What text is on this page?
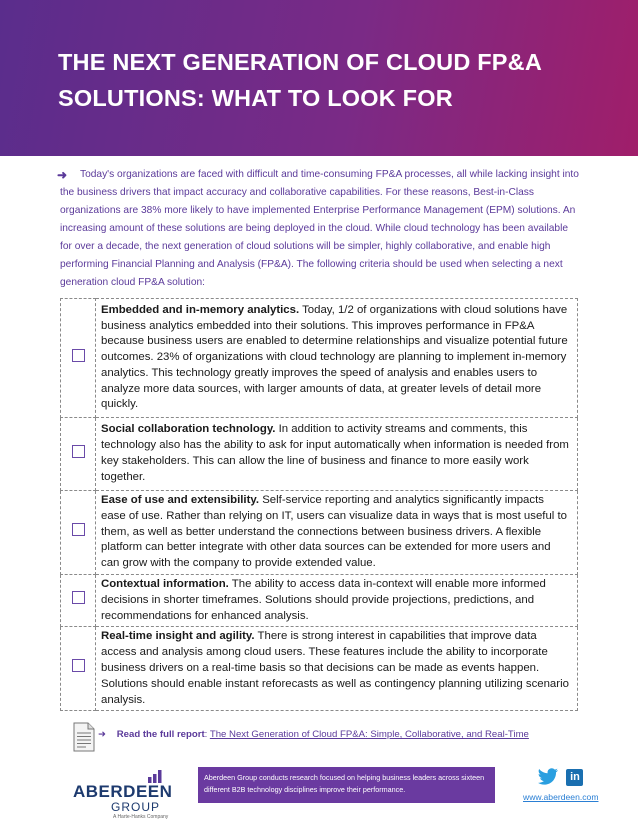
THE NEXT GENERATION OF CLOUD FP&A
SOLUTIONS: WHAT TO LOOK FOR
➜	Today's organizations are faced with difficult and time-consuming FP&A processes, all while lacking insight into the business drivers that impact accuracy and collaborative capabilities. For these reasons, Best-in-Class organizations are 38% more likely to have implemented Enterprise Performance Management (EPM) solutions. An increasing amount of these solutions are being deployed in the cloud. While cloud technology has been available for over a decade, the next generation of cloud solutions will be simpler, highly collaborative, and enable high performing Financial Planning and Analysis (FP&A). The following criteria should be used when selecting a next generation cloud FP&A solution:
	Embedded and in-memory analytics. Today, 1/2 of organizations with cloud solutions have business analytics embedded into their solutions. This improves performance in FP&A because business users are enabled to determine relationships and visualize potential future outcomes. 23% of organizations with cloud technology are planning to implement in-memory analytics. This technology greatly improves the speed of analysis and enables users to analyze more data sources, with larger amounts of data, at greater levels of detail more quickly.
	Social collaboration technology. In addition to activity streams and comments, this technology also has the ability to ask for input automatically when information is needed from key stakeholders. This can allow the line of business and finance to more easily work together.
	Ease of use and extensibility. Self-service reporting and analytics significantly impacts ease of use. Rather than relying on IT, users can visualize data in ways that is most useful to them, as well as better understand the connections between business drivers. A flexible platform can better integrate with other data sources can be extended for more users and can grow with the company to provide extended value.
	Contextual information. The ability to access data in-context will enable more informed decisions in shorter timeframes. Solutions should provide projections, predictions, and recommendations for enhanced analysis.
	Real-time insight and agility. There is strong interest in capabilities that improve data access and analysis among cloud users. These features include the ability to incorporate business drivers on a real-time basis so that decisions can be made as events happen. Solutions should enable instant reforecasts as well as contingency planning utilizing scenario analysis.
➜ Read the full report: The Next Generation of Cloud FP&A: Simple, Collaborative, and Real-Time
ABERDEEN
GROUP
A Harte-Hanks Company
Aberdeen Group conducts research focused on helping business leaders across sixteen different B2B technology disciplines improve their performance.
in
www.aberdeen.com
